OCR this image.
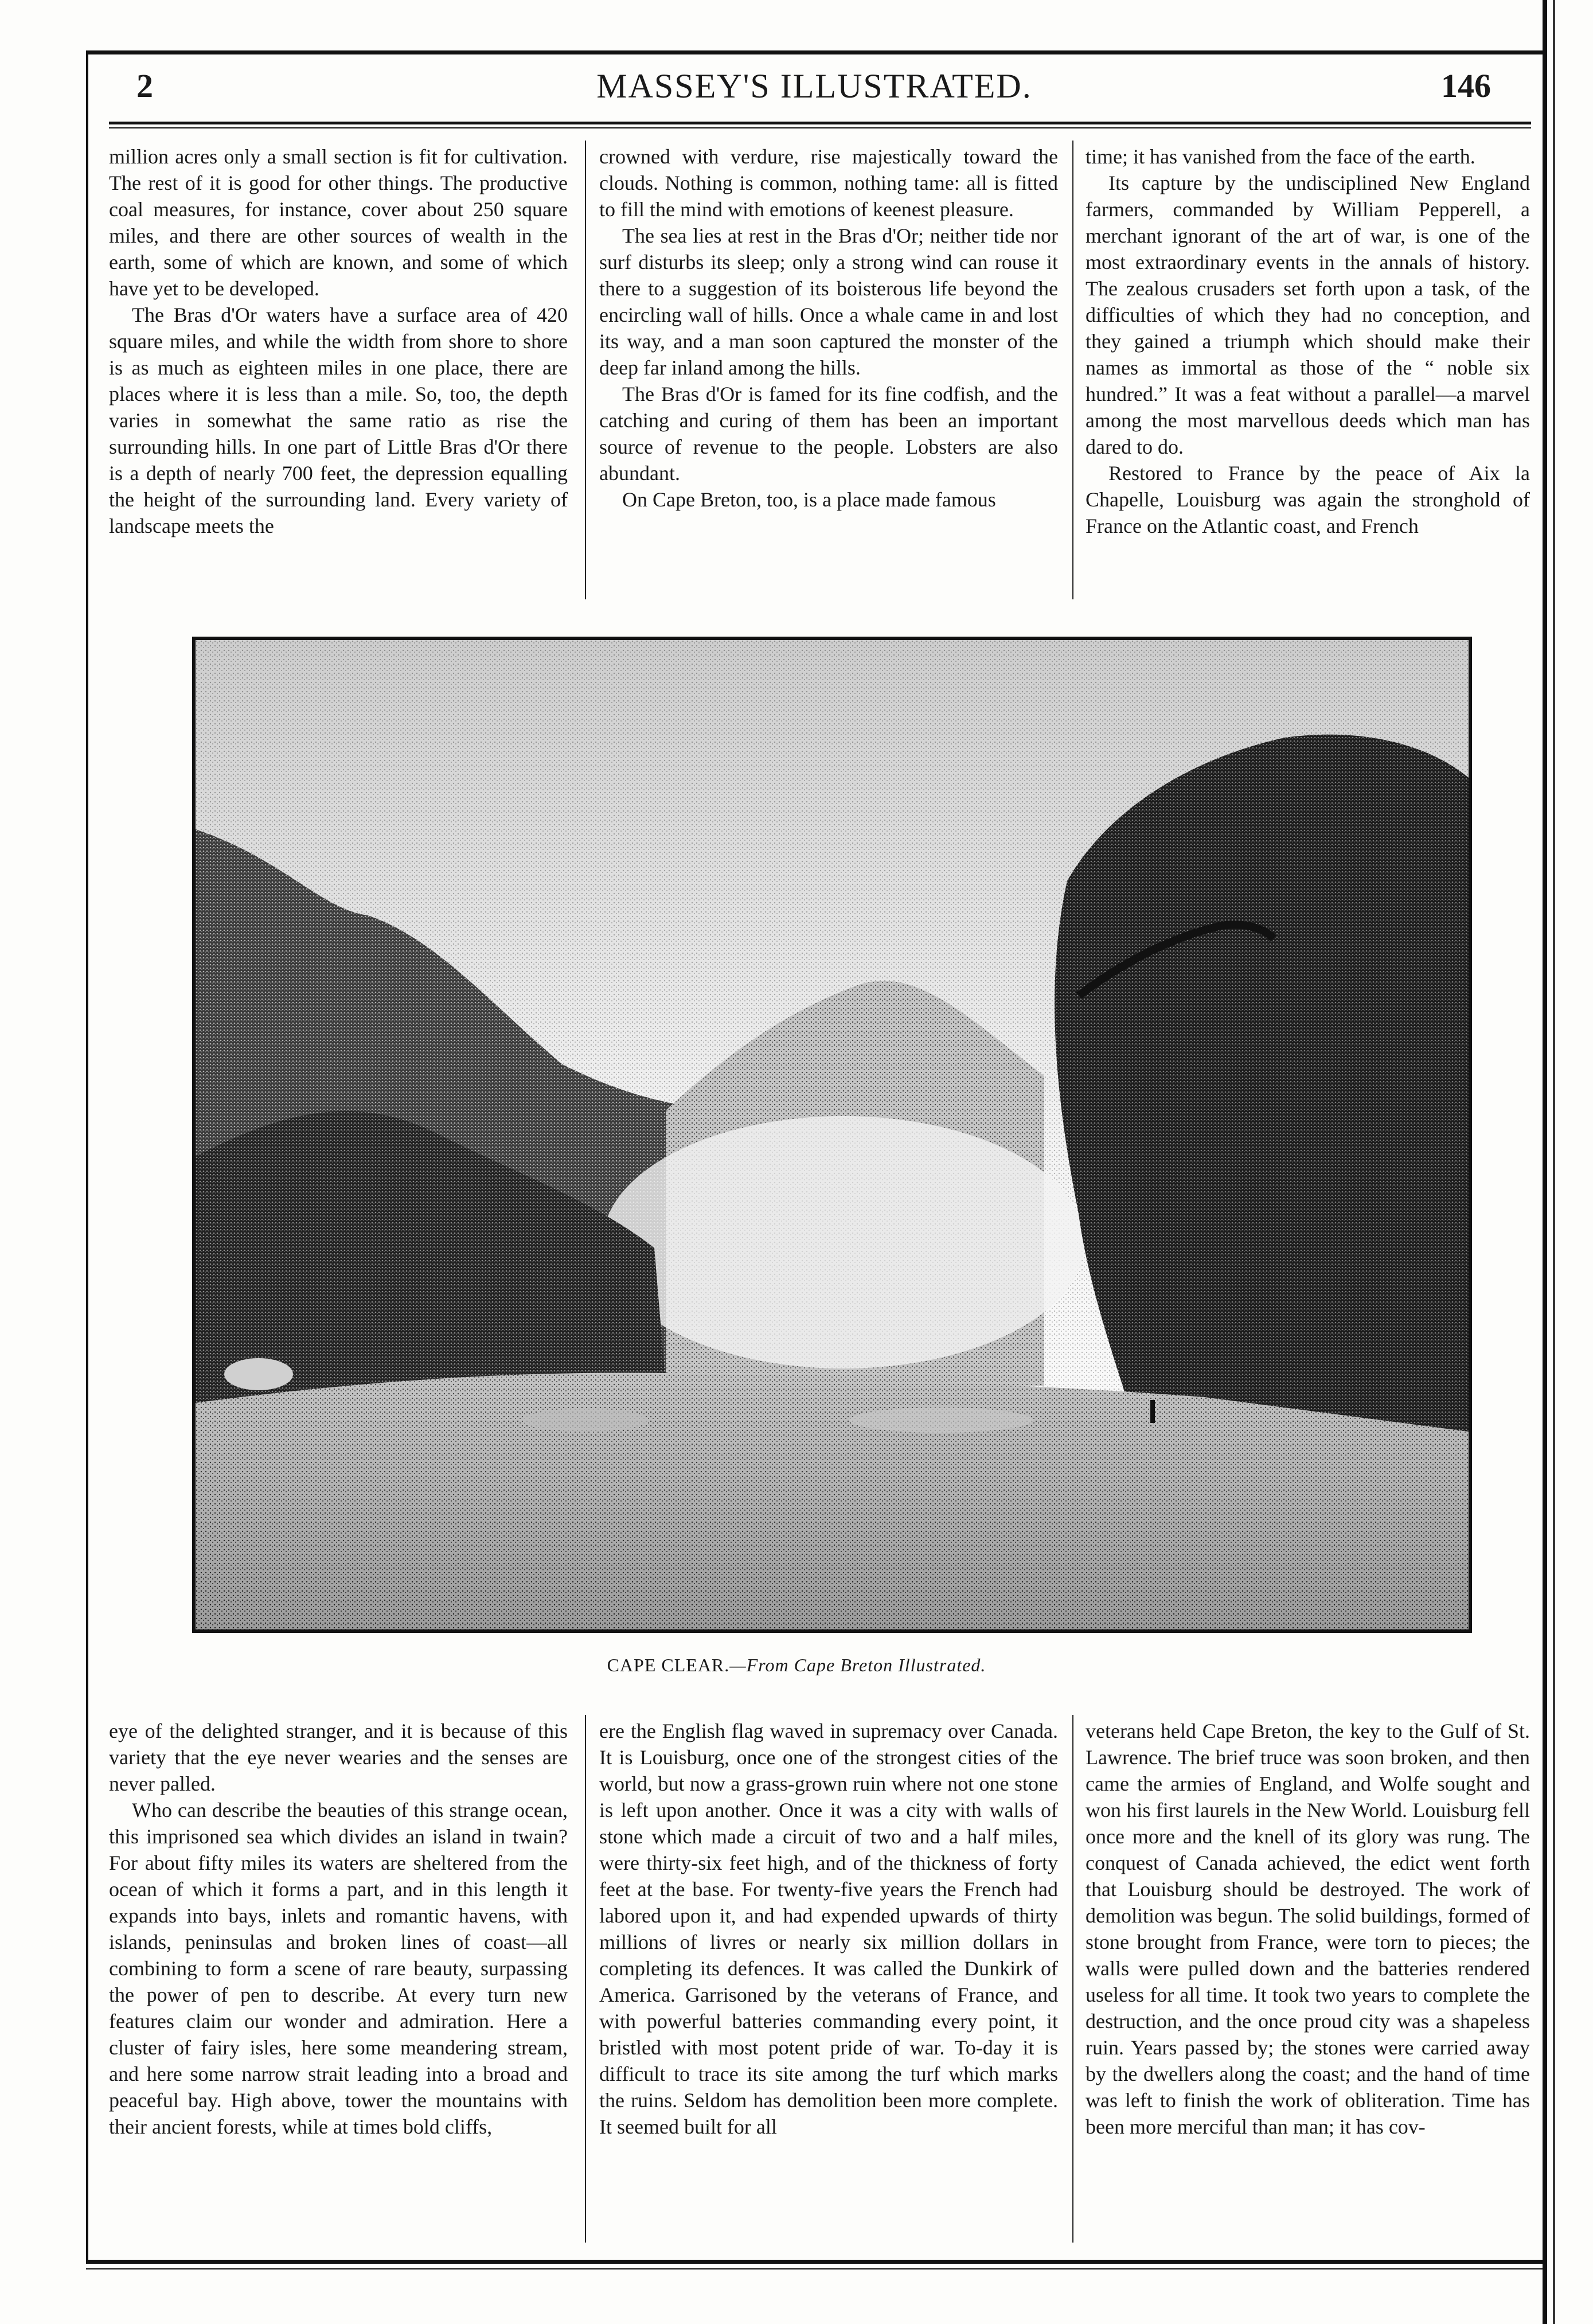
2	MASSEY'S ILLUSTRATED.	146

million acres only a small section is fit for cultivation. The rest of it is good for other things. The productive coal measures, for instance, cover about 250 square miles, and there are other sources of wealth in the earth, some of which are known, and some of which have yet to be developed.

The Bras d'Or waters have a surface area of 420 square miles, and while the width from shore to shore is as much as eighteen miles in one place, there are places where it is less than a mile. So, too, the depth varies in somewhat the same ratio as rise the surrounding hills. In one part of Little Bras d'Or there is a depth of nearly 700 feet, the depression equalling the height of the surrounding land. Every variety of landscape meets the

crowned with verdure, rise majestically toward the clouds. Nothing is common, nothing tame: all is fitted to fill the mind with emotions of keenest pleasure.

The sea lies at rest in the Bras d'Or; neither tide nor surf disturbs its sleep; only a strong wind can rouse it there to a suggestion of its boisterous life beyond the encircling wall of hills. Once a whale came in and lost its way, and a man soon captured the monster of the deep far inland among the hills.

The Bras d'Or is famed for its fine codfish, and the catching and curing of them has been an important source of revenue to the people. Lobsters are also abundant.

On Cape Breton, too, is a place made famous

time; it has vanished from the face of the earth.

Its capture by the undisciplined New England farmers, commanded by William Pepperell, a merchant ignorant of the art of war, is one of the most extraordinary events in the annals of history. The zealous crusaders set forth upon a task, of the difficulties of which they had no conception, and they gained a triumph which should make their names as immortal as those of the “ noble six hundred.” It was a feat without a parallel—a marvel among the most marvellous deeds which man has dared to do.

Restored to France by the peace of Aix la Chapelle, Louisburg was again the stronghold of France on the Atlantic coast, and French

CAPE CLEAR.—From Cape Breton Illustrated.

eye of the delighted stranger, and it is because of this variety that the eye never wearies and the senses are never palled.

Who can describe the beauties of this strange ocean, this imprisoned sea which divides an island in twain? For about fifty miles its waters are sheltered from the ocean of which it forms a part, and in this length it expands into bays, inlets and romantic havens, with islands, peninsulas and broken lines of coast—all combining to form a scene of rare beauty, surpassing the power of pen to describe. At every turn new features claim our wonder and admiration. Here a cluster of fairy isles, here some meandering stream, and here some narrow strait leading into a broad and peaceful bay. High above, tower the mountains with their ancient forests, while at times bold cliffs,

ere the English flag waved in supremacy over Canada. It is Louisburg, once one of the strongest cities of the world, but now a grass-grown ruin where not one stone is left upon another. Once it was a city with walls of stone which made a circuit of two and a half miles, were thirty-six feet high, and of the thickness of forty feet at the base. For twenty-five years the French had labored upon it, and had expended upwards of thirty millions of livres or nearly six million dollars in completing its defences. It was called the Dunkirk of America. Garrisoned by the veterans of France, and with powerful batteries commanding every point, it bristled with most potent pride of war. To-day it is difficult to trace its site among the turf which marks the ruins. Seldom has demolition been more complete. It seemed built for all

veterans held Cape Breton, the key to the Gulf of St. Lawrence. The brief truce was soon broken, and then came the armies of England, and Wolfe sought and won his first laurels in the New World. Louisburg fell once more and the knell of its glory was rung. The conquest of Canada achieved, the edict went forth that Louisburg should be destroyed. The work of demolition was begun. The solid buildings, formed of stone brought from France, were torn to pieces; the walls were pulled down and the batteries rendered useless for all time. It took two years to complete the destruction, and the once proud city was a shapeless ruin. Years passed by; the stones were carried away by the dwellers along the coast; and the hand of time was left to finish the work of obliteration. Time has been more merciful than man; it has cov-
